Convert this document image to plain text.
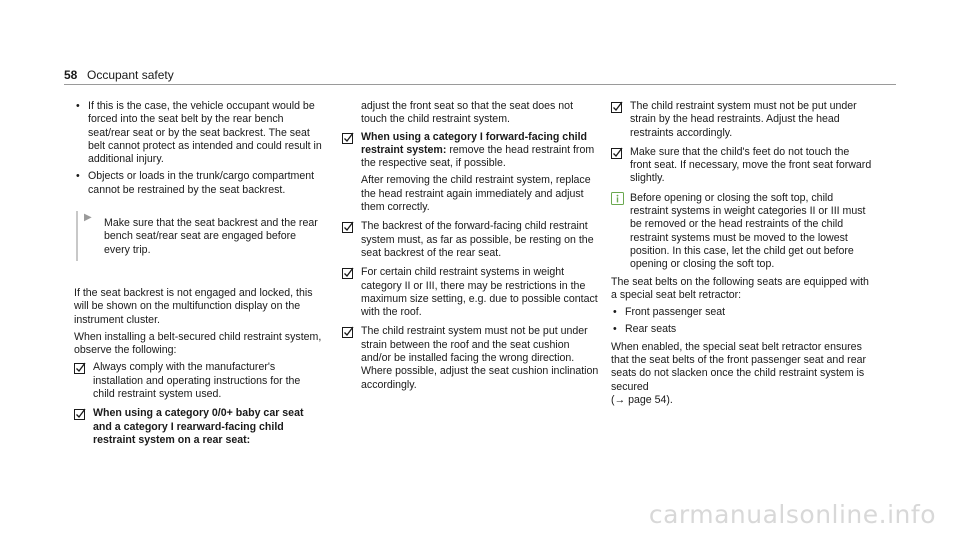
58 Occupant safety
• If this is the case, the vehicle occupant would be forced into the seat belt by the rear bench seat/rear seat or by the seat backrest. The seat belt cannot protect as intended and could result in additional injury.
• Objects or loads in the trunk/cargo compartment cannot be restrained by the seat backrest.
▶	Make sure that the seat backrest and the rear bench seat/rear seat are engaged before every trip.
If the seat backrest is not engaged and locked, this will be shown on the multifunction display on the instrument cluster.
When installing a belt-secured child restraint system, observe the following:
Always comply with the manufacturer's installation and operating instructions for the child restraint system used.
When using a category 0/0+ baby car seat and a category I rearward-facing child restraint system on a rear seat:
adjust the front seat so that the seat does not touch the child restraint system.
When using a category I forward-facing child restraint system: remove the head restraint from the respective seat, if possible.
After removing the child restraint system, replace the head restraint again immediately and adjust them correctly.
The backrest of the forward-facing child restraint system must, as far as possible, be resting on the seat backrest of the rear seat.
For certain child restraint systems in weight category II or III, there may be restrictions in the maximum size setting, e.g. due to possible contact with the roof.
The child restraint system must not be put under strain between the roof and the seat cushion and/or be installed facing the wrong direction. Where possible, adjust the seat cushion inclination accordingly.
The child restraint system must not be put under strain by the head restraints. Adjust the head restraints accordingly.
Make sure that the child's feet do not touch the front seat. If necessary, move the front seat forward slightly.
Before opening or closing the soft top, child restraint systems in weight categories II or III must be removed or the head restraints of the child restraint systems must be moved to the lowest position. In this case, let the child get out before opening or closing the soft top.
The seat belts on the following seats are equipped with a special seat belt retractor:
• Front passenger seat
• Rear seats
When enabled, the special seat belt retractor ensures that the seat belts of the front passenger seat and rear seats do not slacken once the child restraint system is secured
(→ page 54).
carmanualsonline.info
